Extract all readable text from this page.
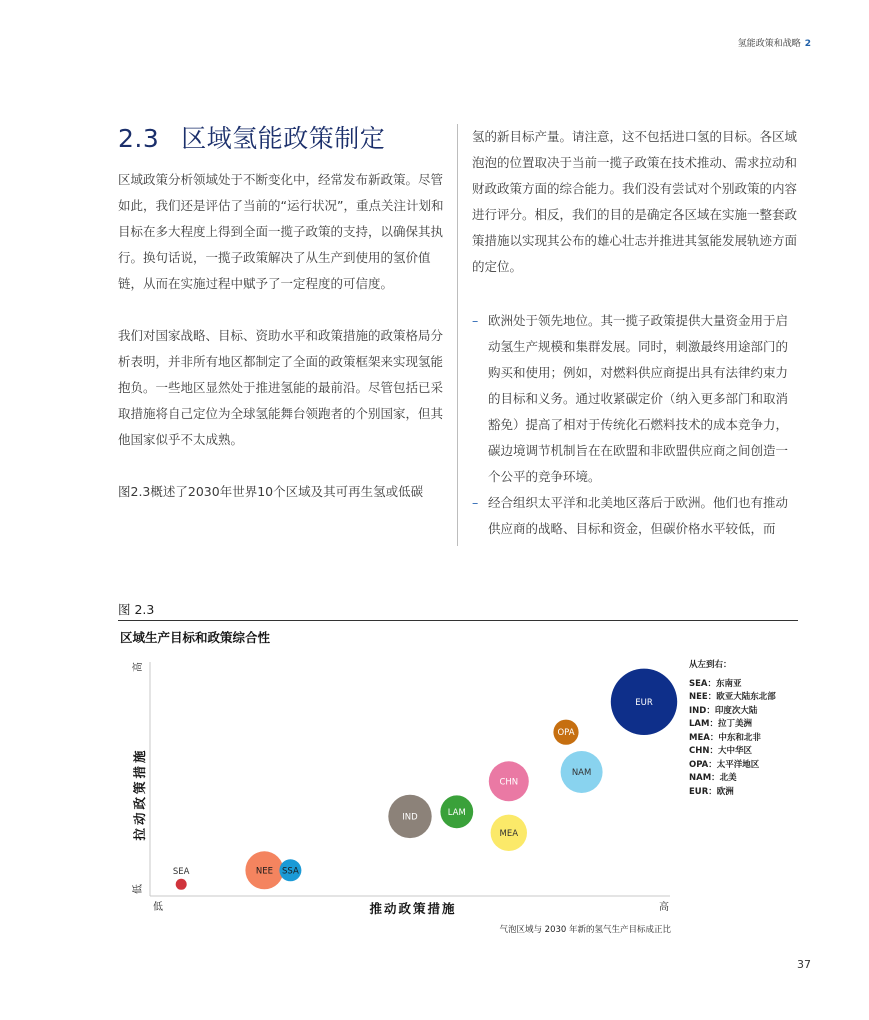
氢能政策和战略 2
2.3 区域氢能政策制定

区域政策分析领域处于不断变化中，经常发布新政策。尽管如此，我们还是评估了当前的“运行状况”，重点关注计划和目标在多大程度上得到全面一揽子政策的支持，以确保其执行。换句话说，一揽子政策解决了从生产到使用的氢价值链，从而在实施过程中赋予了一定程度的可信度。

我们对国家战略、目标、资助水平和政策措施的政策格局分析表明，并非所有地区都制定了全面的政策框架来实现氢能抱负。一些地区显然处于推进氢能的最前沿。尽管包括已采取措施将自己定位为全球氢能舞台领跑者的个别国家，但其他国家似乎不太成熟。

图2.3概述了2030年世界10个区域及其可再生氢或低碳

氢的新目标产量。请注意，这不包括进口氢的目标。各区域泡泡的位置取决于当前一揽子政策在技术推动、需求拉动和财政政策方面的综合能力。我们没有尝试对个别政策的内容进行评分。相反，我们的目的是确定各区域在实施一整套政策措施以实现其公布的雄心壮志并推进其氢能发展轨迹方面的定位。

– 欧洲处于领先地位。其一揽子政策提供大量资金用于启动氢生产规模和集群发展。同时，刺激最终用途部门的购买和使用；例如，对燃料供应商提出具有法律约束力的目标和义务。通过收紧碳定价（纳入更多部门和取消豁免）提高了相对于传统化石燃料技术的成本竞争力，碳边境调节机制旨在在欧盟和非欧盟供应商之间创造一个公平的竞争环境。
– 经合组织太平洋和北美地区落后于欧洲。他们也有推动供应商的战略、目标和资金，但碳价格水平较低，而
图 2.3
区域生产目标和政策综合性
高
低
拉动政策措施
低	高
推动政策措施
气泡区域与 2030 年新的氢气生产目标成正比
SEA	NEE SSA
IND	LAM
MEA
CHN
NAM
OPA
EUR
从左到右：
SEA：东南亚
NEE：欧亚大陆东北部
IND：印度次大陆
LAM：拉丁美洲
MEA：中东和北非
CHN：大中华区
OPA：太平洋地区
NAM：北美
EUR：欧洲
37
